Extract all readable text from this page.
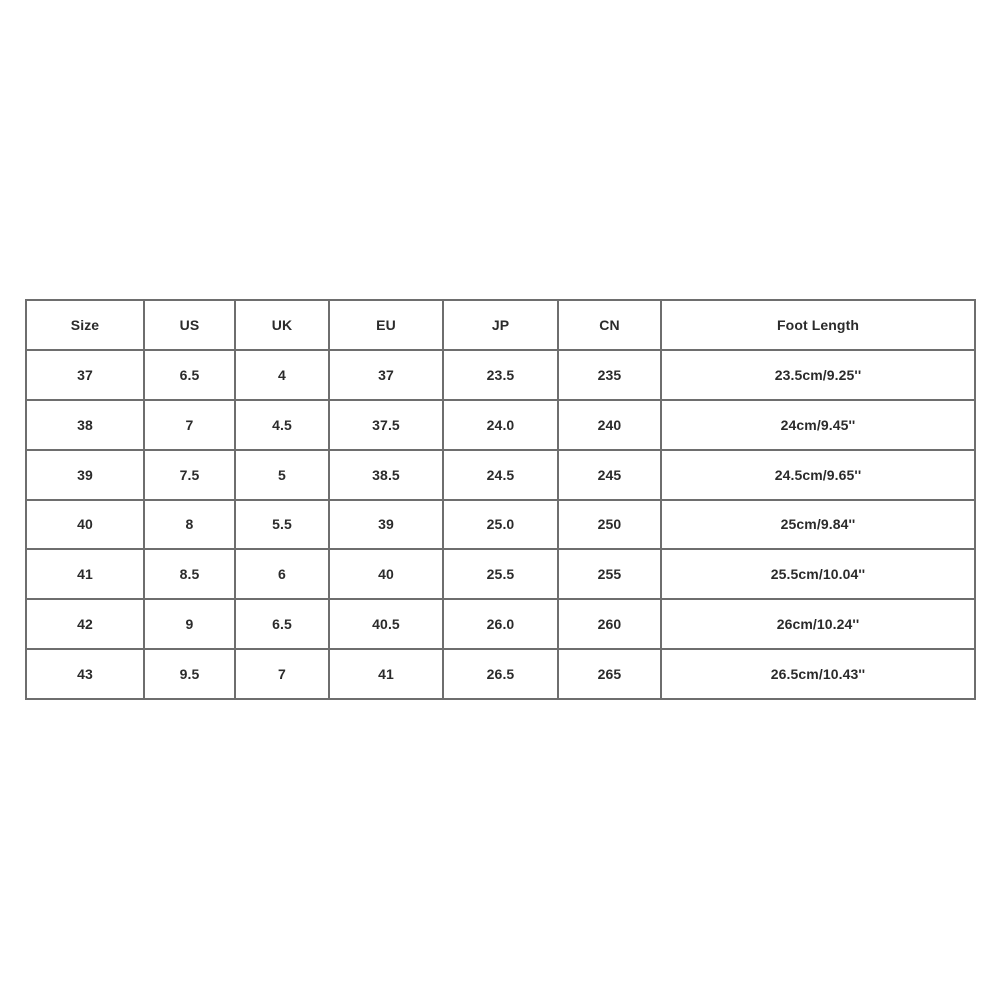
Size	US	UK	EU	JP	CN	Foot Length
37	6.5	4	37	23.5	235	23.5cm/9.25''
38	7	4.5	37.5	24.0	240	24cm/9.45''
39	7.5	5	38.5	24.5	245	24.5cm/9.65''
40	8	5.5	39	25.0	250	25cm/9.84''
41	8.5	6	40	25.5	255	25.5cm/10.04''
42	9	6.5	40.5	26.0	260	26cm/10.24''
43	9.5	7	41	26.5	265	26.5cm/10.43''
